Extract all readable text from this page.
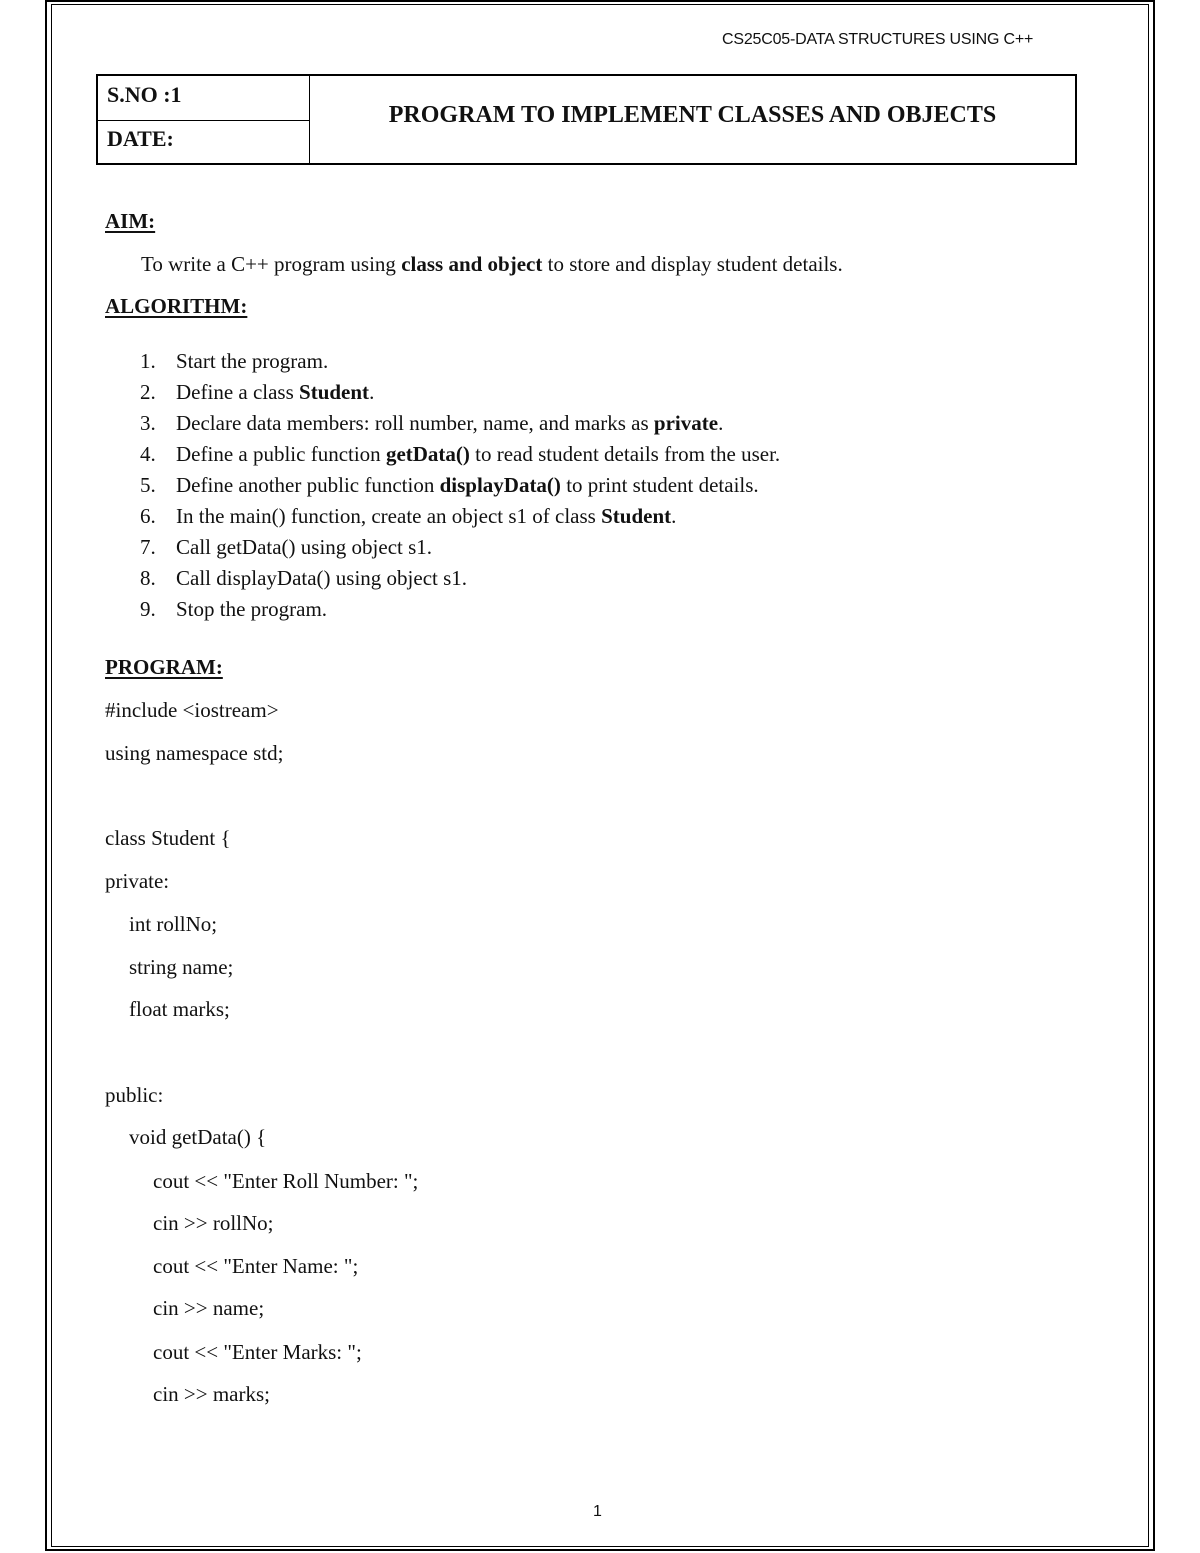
CS25C05-DATA STRUCTURES USING C++
S.NO :1
DATE:
PROGRAM TO IMPLEMENT CLASSES AND OBJECTS
AIM:
To write a C++ program using class and object to store and display student details.
ALGORITHM:
1. Start the program.
2. Define a class Student.
3. Declare data members: roll number, name, and marks as private.
4. Define a public function getData() to read student details from the user.
5. Define another public function displayData() to print student details.
6. In the main() function, create an object s1 of class Student.
7. Call getData() using object s1.
8. Call displayData() using object s1.
9. Stop the program.
PROGRAM:
#include <iostream>
using namespace std;
class Student {
private:
int rollNo;
string name;
float marks;
public:
void getData() {
cout << "Enter Roll Number: ";
cin >> rollNo;
cout << "Enter Name: ";
cin >> name;
cout << "Enter Marks: ";
cin >> marks;
1
